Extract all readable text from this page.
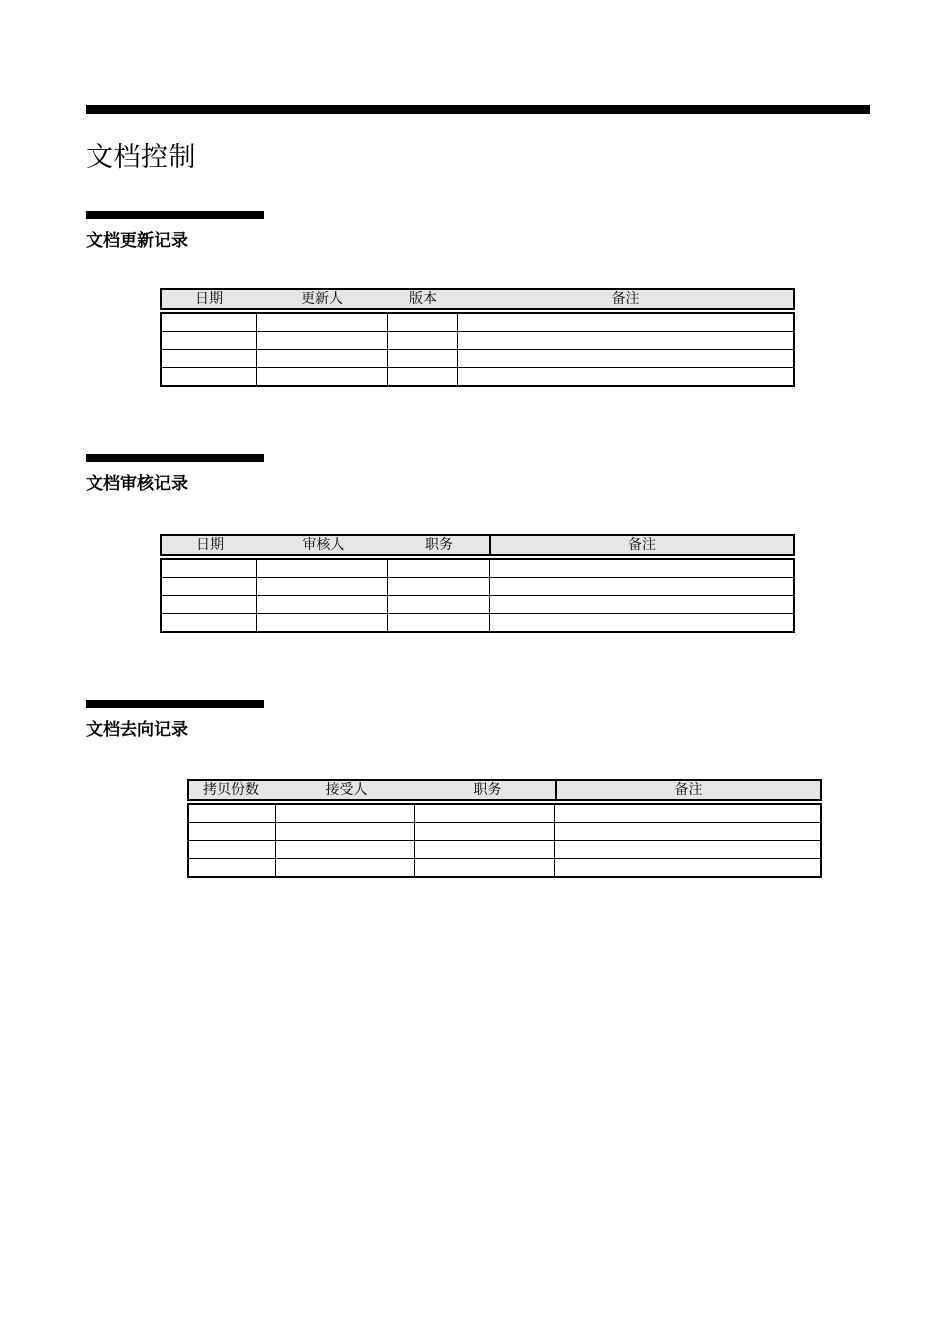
文档控制
文档更新记录
日期	更新人	版本	备注
文档审核记录
日期	审核人	职务	备注
文档去向记录
拷贝份数	接受人	职务	备注
